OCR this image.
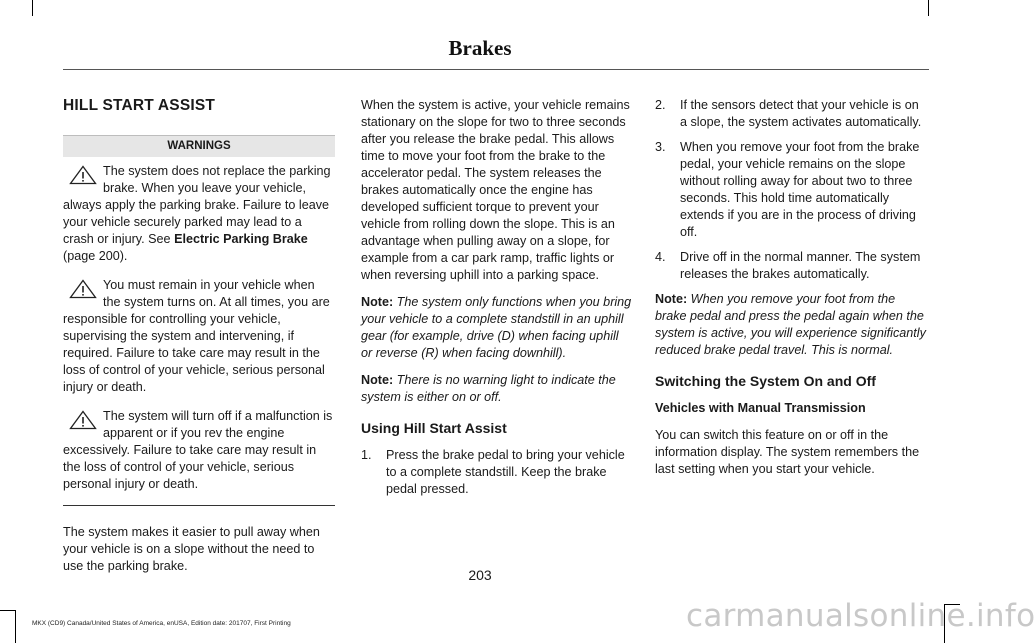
Brakes
HILL START ASSIST
WARNINGS
The system does not replace the parking brake. When you leave your vehicle, always apply the parking brake. Failure to leave your vehicle securely parked may lead to a crash or injury. See Electric Parking Brake (page 200).
You must remain in your vehicle when the system turns on. At all times, you are responsible for controlling your vehicle, supervising the system and intervening, if required. Failure to take care may result in the loss of control of your vehicle, serious personal injury or death.
The system will turn off if a malfunction is apparent or if you rev the engine excessively. Failure to take care may result in the loss of control of your vehicle, serious personal injury or death.

The system makes it easier to pull away when your vehicle is on a slope without the need to use the parking brake.

When the system is active, your vehicle remains stationary on the slope for two to three seconds after you release the brake pedal. This allows time to move your foot from the brake to the accelerator pedal. The system releases the brakes automatically once the engine has developed sufficient torque to prevent your vehicle from rolling down the slope. This is an advantage when pulling away on a slope, for example from a car park ramp, traffic lights or when reversing uphill into a parking space.

Note: The system only functions when you bring your vehicle to a complete standstill in an uphill gear (for example, drive (D) when facing uphill or reverse (R) when facing downhill).

Note: There is no warning light to indicate the system is either on or off.

Using Hill Start Assist
1.	Press the brake pedal to bring your vehicle to a complete standstill. Keep the brake pedal pressed.
2.	If the sensors detect that your vehicle is on a slope, the system activates automatically.
3.	When you remove your foot from the brake pedal, your vehicle remains on the slope without rolling away for about two to three seconds. This hold time automatically extends if you are in the process of driving off.
4.	Drive off in the normal manner. The system releases the brakes automatically.

Note: When you remove your foot from the brake pedal and press the pedal again when the system is active, you will experience significantly reduced brake pedal travel. This is normal.

Switching the System On and Off
Vehicles with Manual Transmission

You can switch this feature on or off in the information display. The system remembers the last setting when you start your vehicle.

203
MKX (CD9) Canada/United States of America, enUSA, Edition date: 201707, First Printing	carmanualsonline.info
